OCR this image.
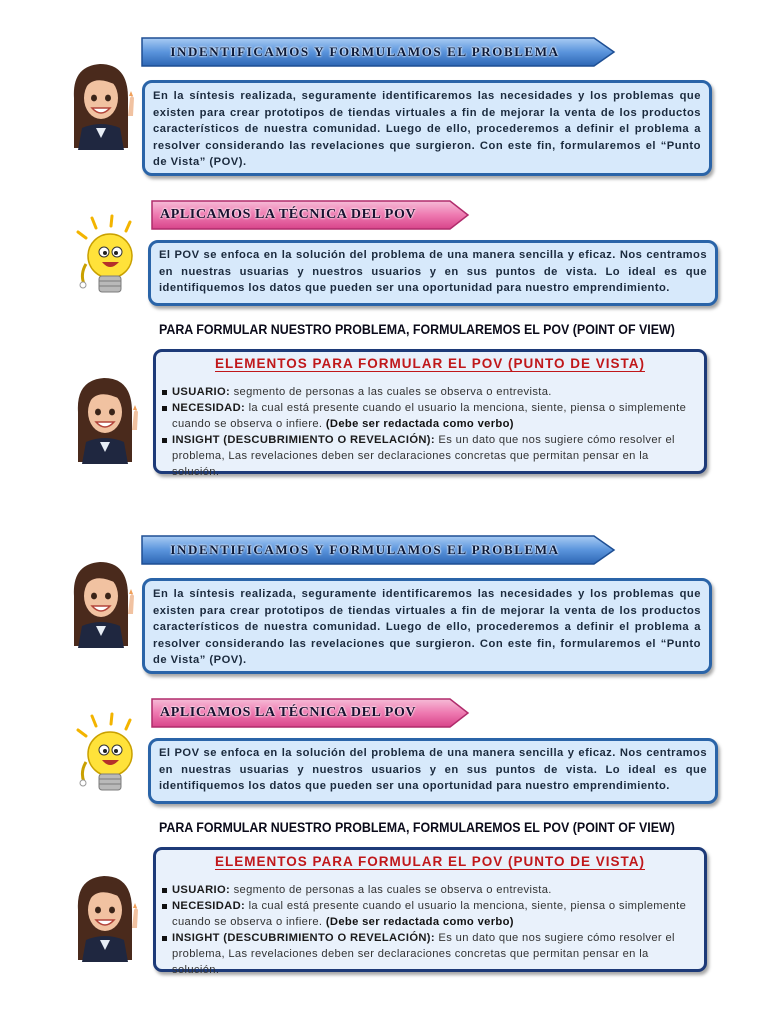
INDENTIFICAMOS Y FORMULAMOS EL PROBLEMA
En la síntesis realizada, seguramente identificaremos las necesidades y los problemas que existen para crear prototipos de tiendas virtuales a fin de mejorar la venta de los productos característicos de nuestra comunidad. Luego de ello, procederemos a definir el problema a resolver considerando las revelaciones que surgieron. Con este fin, formularemos el “Punto de Vista” (POV).
APLICAMOS LA TÉCNICA DEL POV
El POV se enfoca en la solución del problema de una manera sencilla y eficaz. Nos centramos en nuestras usuarias y nuestros usuarios y en sus puntos de vista. Lo ideal es que identifiquemos los datos que pueden ser una oportunidad para nuestro emprendimiento.
PARA FORMULAR NUESTRO PROBLEMA, FORMULAREMOS EL POV (POINT OF VIEW)
ELEMENTOS PARA FORMULAR EL POV (PUNTO DE VISTA)
USUARIO: segmento de personas a las cuales se observa o entrevista.
NECESIDAD: la cual está presente cuando el usuario la menciona, siente, piensa o simplemente cuando se observa o infiere. (Debe ser redactada como verbo)
INSIGHT (DESCUBRIMIENTO O REVELACIÓN): Es un dato que nos sugiere cómo resolver el problema, Las revelaciones deben ser declaraciones concretas que permitan pensar en la solución.
INDENTIFICAMOS Y FORMULAMOS EL PROBLEMA
En la síntesis realizada, seguramente identificaremos las necesidades y los problemas que existen para crear prototipos de tiendas virtuales a fin de mejorar la venta de los productos característicos de nuestra comunidad. Luego de ello, procederemos a definir el problema a resolver considerando las revelaciones que surgieron. Con este fin, formularemos el “Punto de Vista” (POV).
APLICAMOS LA TÉCNICA DEL POV
El POV se enfoca en la solución del problema de una manera sencilla y eficaz. Nos centramos en nuestras usuarias y nuestros usuarios y en sus puntos de vista. Lo ideal es que identifiquemos los datos que pueden ser una oportunidad para nuestro emprendimiento.
PARA FORMULAR NUESTRO PROBLEMA, FORMULAREMOS EL POV (POINT OF VIEW)
ELEMENTOS PARA FORMULAR EL POV (PUNTO DE VISTA)
USUARIO: segmento de personas a las cuales se observa o entrevista.
NECESIDAD: la cual está presente cuando el usuario la menciona, siente, piensa o simplemente cuando se observa o infiere. (Debe ser redactada como verbo)
INSIGHT (DESCUBRIMIENTO O REVELACIÓN): Es un dato que nos sugiere cómo resolver el problema, Las revelaciones deben ser declaraciones concretas que permitan pensar en la solución.
